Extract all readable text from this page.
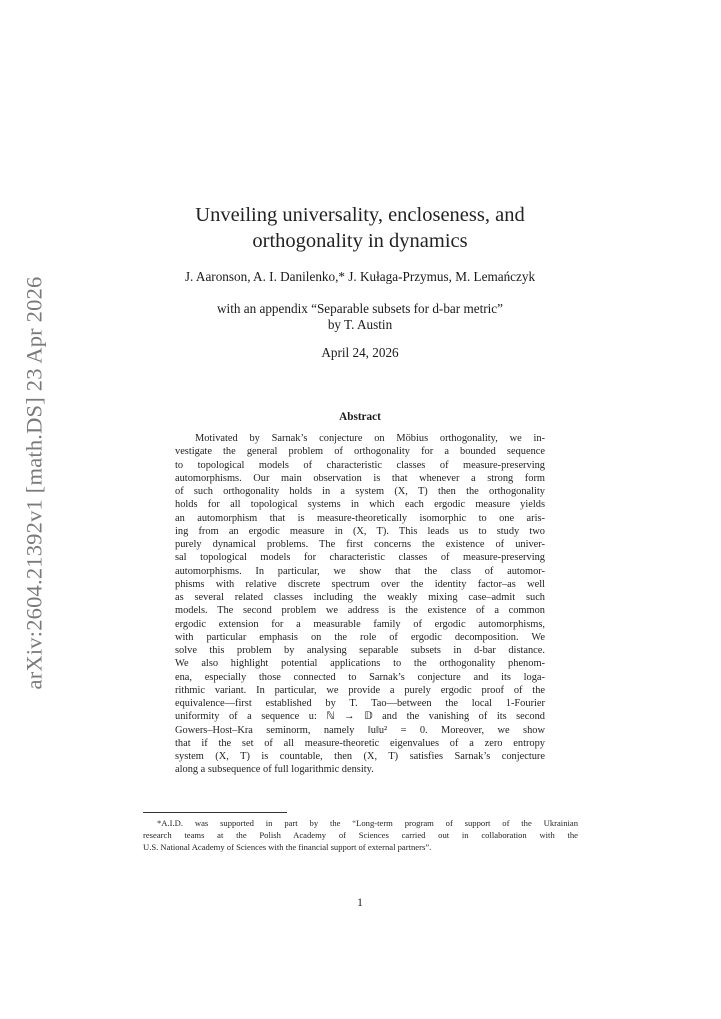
arXiv:2604.21392v1 [math.DS] 23 Apr 2026
Unveiling universality, encloseness, and
orthogonality in dynamics
J. Aaronson, A. I. Danilenko,* J. Kułaga-Przymus, M. Lemańczyk
with an appendix “Separable subsets for d-bar metric”
by T. Austin
April 24, 2026
Abstract
Motivated by Sarnak’s conjecture on Möbius orthogonality, we in-
vestigate the general problem of orthogonality for a bounded sequence
to topological models of characteristic classes of measure-preserving
automorphisms. Our main observation is that whenever a strong form
of such orthogonality holds in a system (X, T) then the orthogonality
holds for all topological systems in which each ergodic measure yields
an automorphism that is measure-theoretically isomorphic to one aris-
ing from an ergodic measure in (X, T). This leads us to study two
purely dynamical problems. The first concerns the existence of univer-
sal topological models for characteristic classes of measure-preserving
automorphisms. In particular, we show that the class of automor-
phisms with relative discrete spectrum over the identity factor–as well
as several related classes including the weakly mixing case–admit such
models. The second problem we address is the existence of a common
ergodic extension for a measurable family of ergodic automorphisms,
with particular emphasis on the role of ergodic decomposition. We
solve this problem by analysing separable subsets in d-bar distance.
We also highlight potential applications to the orthogonality phenom-
ena, especially those connected to Sarnak’s conjecture and its loga-
rithmic variant. In particular, we provide a purely ergodic proof of the
equivalence—first established by T. Tao—between the local 1-Fourier
uniformity of a sequence u: ℕ → 𝔻 and the vanishing of its second
Gowers–Host–Kra seminorm, namely ‖u‖u² = 0. Moreover, we show
that if the set of all measure-theoretic eigenvalues of a zero entropy
system (X, T) is countable, then (X, T) satisfies Sarnak’s conjecture
along a subsequence of full logarithmic density.
*A.I.D. was supported in part by the “Long-term program of support of the Ukrainian
research teams at the Polish Academy of Sciences carried out in collaboration with the
U.S. National Academy of Sciences with the financial support of external partners”.
1
